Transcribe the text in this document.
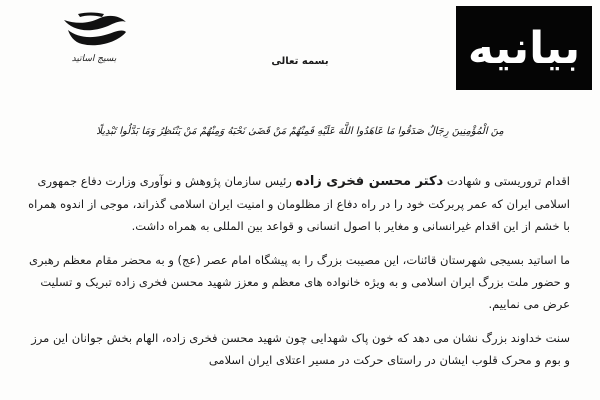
بسیج اساتید	بیانیه
بسمه تعالی
مِنَ الْمُؤْمِنِینَ رِجَالٌ صَدَقُوا مَا عَاهَدُوا اللَّهَ عَلَیْهِ فَمِنْهُمْ مَنْ قَضَىٰ نَحْبَهُ وَمِنْهُمْ مَنْ یَنْتَظِرُ وَمَا بَدَّلُوا تَبْدِیلًا

اقدام تروریستی و شهادت دکتر محسن فخری زاده رئیس سازمان پژوهش و نوآوری وزارت دفاع جمهوری اسلامی ایران که عمر پربرکت خود را در راه دفاع از مظلومان و امنیت ایران اسلامی گذراند، موجی از اندوه همراه با خشم از این اقدام غیرانسانی و مغایر با اصول انسانی و قواعد بین المللی به همراه داشت.

ما اساتید بسیجی شهرستان قائنات، این مصیبت بزرگ را به پیشگاه امام عصر (عج) و به محضر مقام معظم رهبری و حضور ملت بزرگ ایران اسلامی و به ویژه خانواده های معظم و معزز شهید محسن فخری زاده تبریک و تسلیت عرض می نماییم.

سنت خداوند بزرگ نشان می دهد که خون پاک شهدایی چون شهید محسن فخری زاده، الهام بخش جوانان این مرز و بوم و محرک قلوب ایشان در راستای حرکت در مسیر اعتلای ایران اسلامی
